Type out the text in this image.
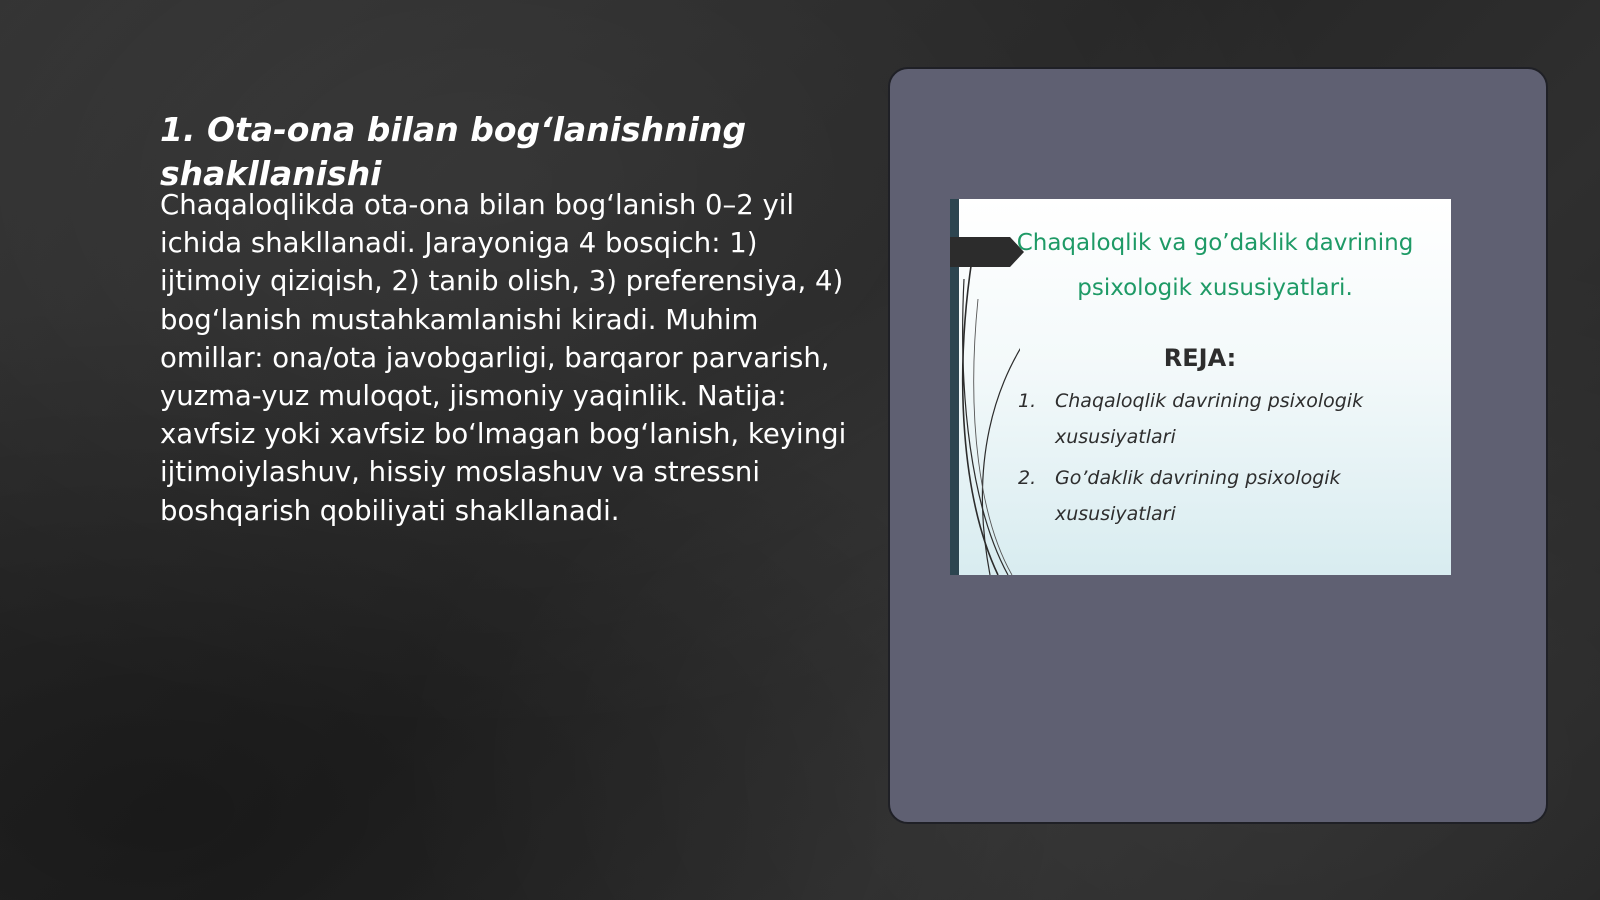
1. Ota-ona bilan bog‘lanishning shakllanishi

Chaqaloqlikda ota-ona bilan bog‘lanish 0–2 yil ichida shakllanadi. Jarayoniga 4 bosqich: 1) ijtimoiy qiziqish, 2) tanib olish, 3) preferensiya, 4) bog‘lanish mustahkamlanishi kiradi. Muhim omillar: ona/ota javobgarligi, barqaror parvarish, yuzma-yuz muloqot, jismoniy yaqinlik. Natija: xavfsiz yoki xavfsiz bo‘lmagan bog‘lanish, keyingi ijtimoiylashuv, hissiy moslashuv va stressni boshqarish qobiliyati shakllanadi.

Chaqaloqlik va go’daklik davrining psixologik xususiyatlari.

REJA:

1. Chaqaloqlik davrining psixologik xususiyatlari
2. Go’daklik davrining psixologik xususiyatlari
